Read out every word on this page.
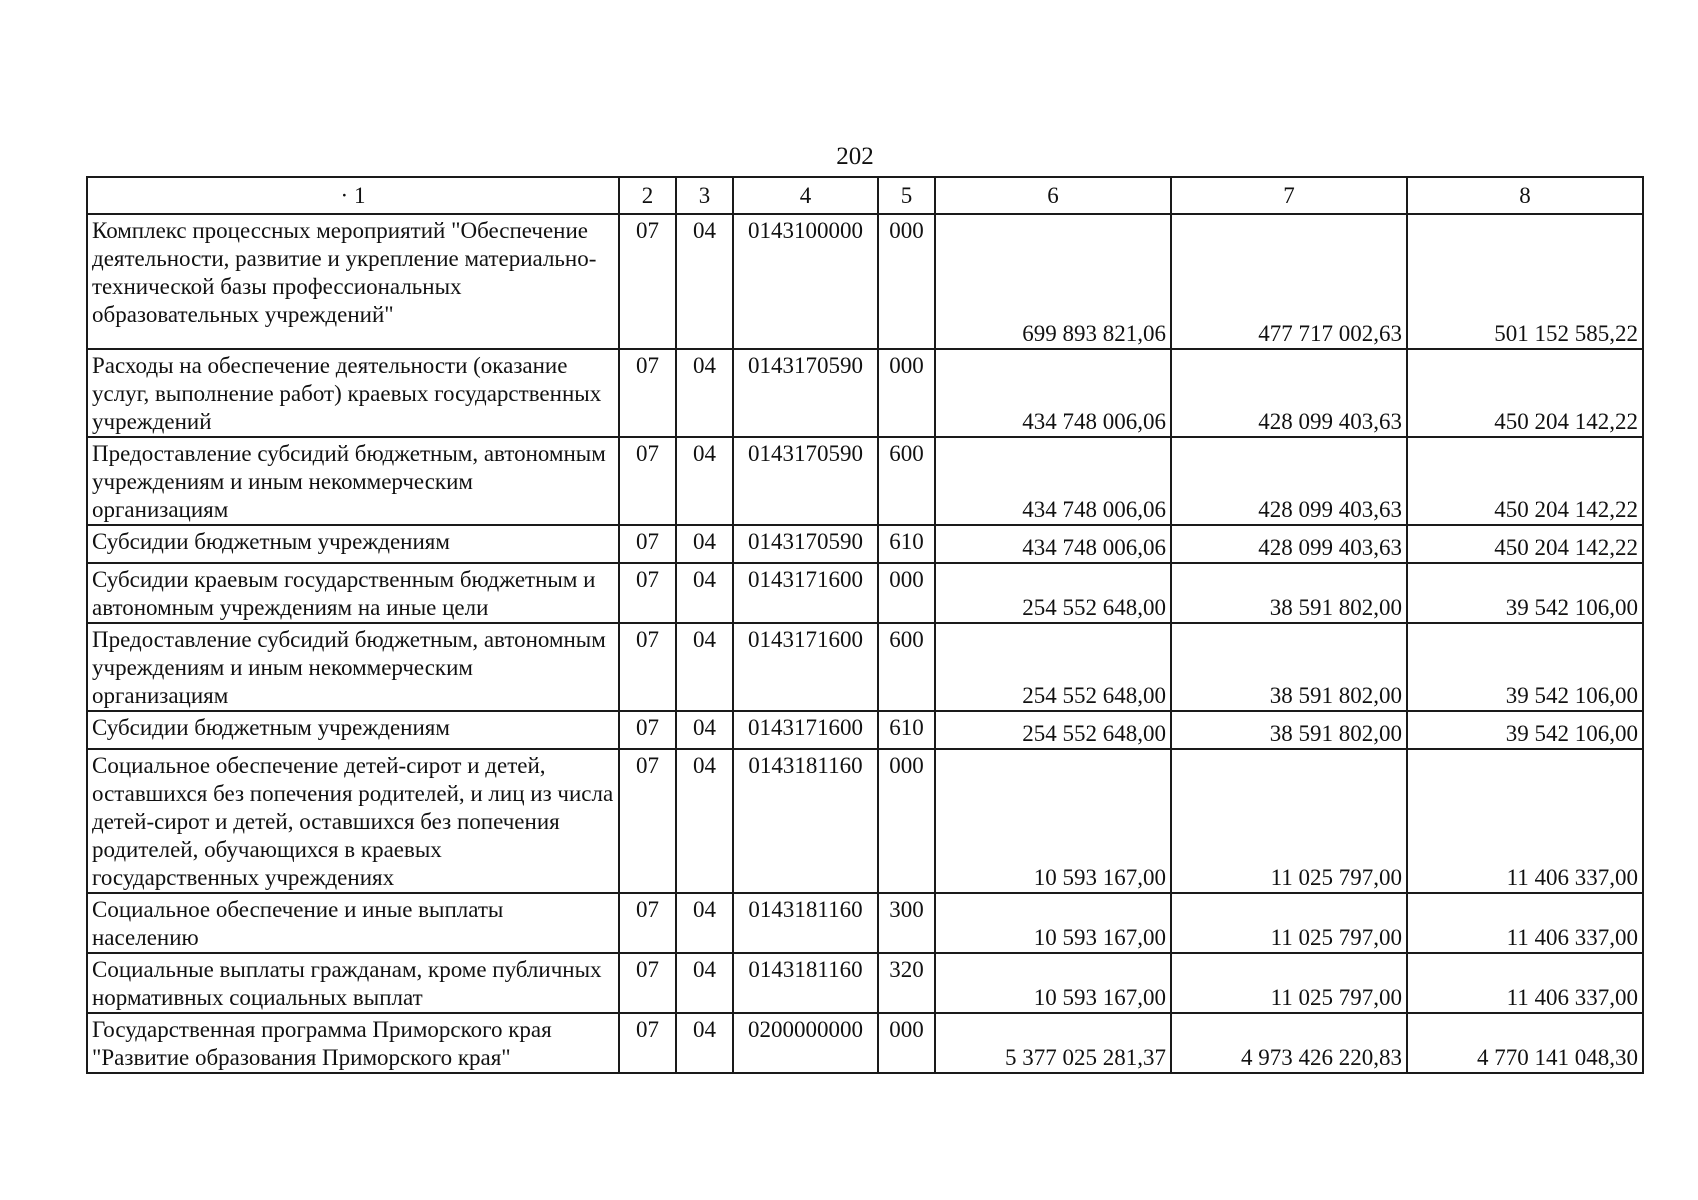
202
· 1	2	3	4	5	6	7	8
Комплекс процессных мероприятий "Обеспечение деятельности, развитие и укрепление материально-технической базы профессиональных образовательных учреждений"	07	04	0143100000	000	699 893 821,06	477 717 002,63	501 152 585,22
Расходы на обеспечение деятельности (оказание услуг, выполнение работ) краевых государственных учреждений	07	04	0143170590	000	434 748 006,06	428 099 403,63	450 204 142,22
Предоставление субсидий бюджетным, автономным учреждениям и иным некоммерческим организациям	07	04	0143170590	600	434 748 006,06	428 099 403,63	450 204 142,22
Субсидии бюджетным учреждениям	07	04	0143170590	610	434 748 006,06	428 099 403,63	450 204 142,22
Субсидии краевым государственным бюджетным и автономным учреждениям на иные цели	07	04	0143171600	000	254 552 648,00	38 591 802,00	39 542 106,00
Предоставление субсидий бюджетным, автономным учреждениям и иным некоммерческим организациям	07	04	0143171600	600	254 552 648,00	38 591 802,00	39 542 106,00
Субсидии бюджетным учреждениям	07	04	0143171600	610	254 552 648,00	38 591 802,00	39 542 106,00
Социальное обеспечение детей-сирот и детей, оставшихся без попечения родителей, и лиц из числа детей-сирот и детей, оставшихся без попечения родителей, обучающихся в краевых государственных учреждениях	07	04	0143181160	000	10 593 167,00	11 025 797,00	11 406 337,00
Социальное обеспечение и иные выплаты населению	07	04	0143181160	300	10 593 167,00	11 025 797,00	11 406 337,00
Социальные выплаты гражданам, кроме публичных нормативных социальных выплат	07	04	0143181160	320	10 593 167,00	11 025 797,00	11 406 337,00
Государственная программа Приморского края "Развитие образования Приморского края"	07	04	0200000000	000	5 377 025 281,37	4 973 426 220,83	4 770 141 048,30
